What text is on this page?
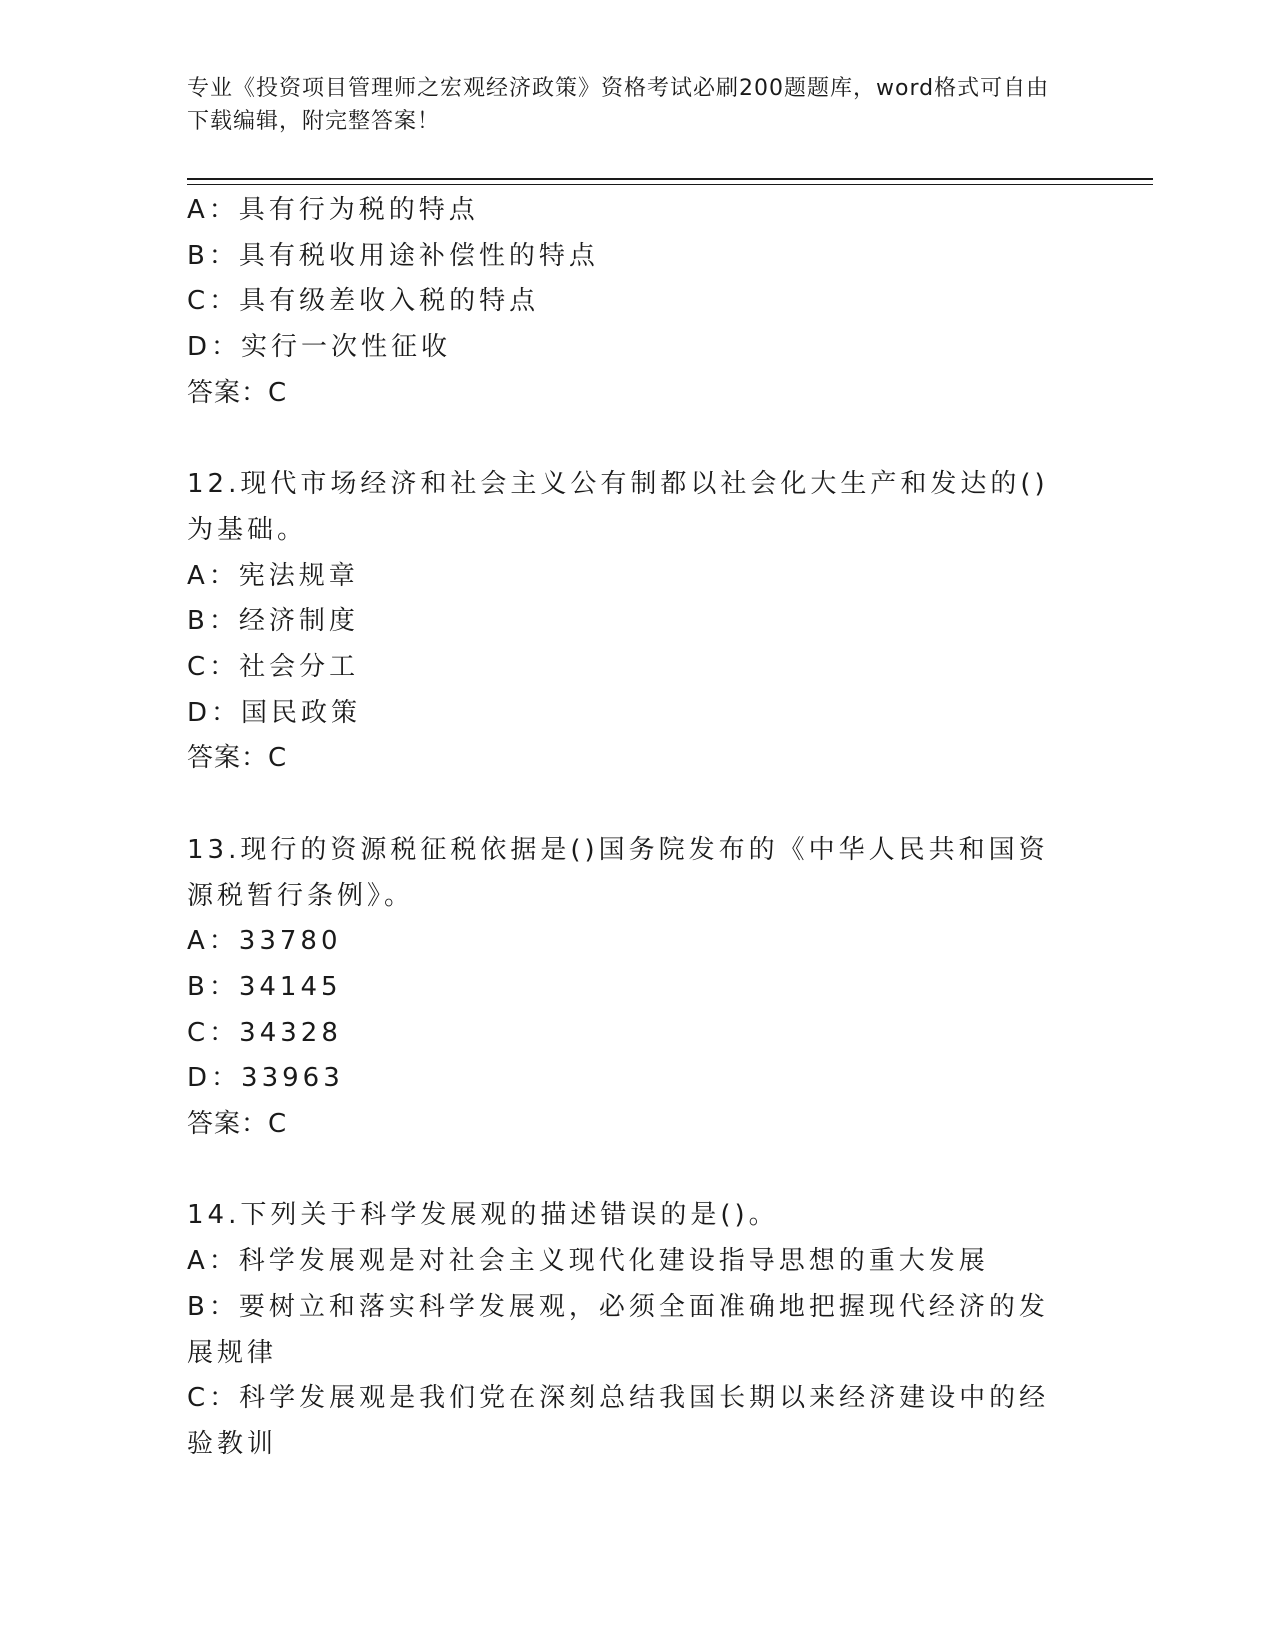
专业《投资项目管理师之宏观经济政策》资格考试必刷200题题库，word格式可自由下载编辑，附完整答案！
A：具有行为税的特点
B：具有税收用途补偿性的特点
C：具有级差收入税的特点
D：实行一次性征收
答案：C
12.现代市场经济和社会主义公有制都以社会化大生产和发达的()为基础。
A：宪法规章
B：经济制度
C：社会分工
D：国民政策
答案：C
13.现行的资源税征税依据是()国务院发布的《中华人民共和国资源税暂行条例》。
A：33780
B：34145
C：34328
D：33963
答案：C
14.下列关于科学发展观的描述错误的是()。
A：科学发展观是对社会主义现代化建设指导思想的重大发展
B：要树立和落实科学发展观，必须全面准确地把握现代经济的发展规律
C：科学发展观是我们党在深刻总结我国长期以来经济建设中的经验教训
